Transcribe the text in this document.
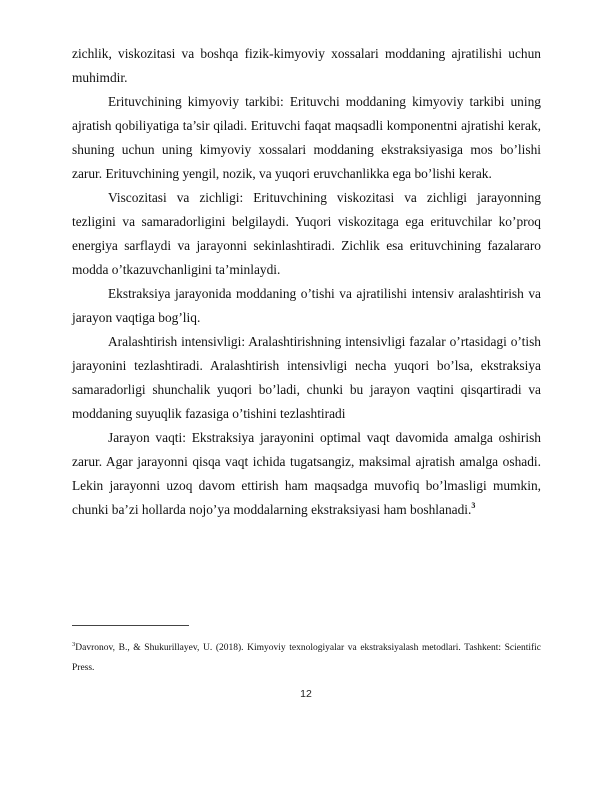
zichlik, viskozitasi va boshqa fizik-kimyoviy xossalari moddaning ajratilishi uchun muhimdir.

Erituvchining kimyoviy tarkibi: Erituvchi moddaning kimyoviy tarkibi uning ajratish qobiliyatiga ta’sir qiladi. Erituvchi faqat maqsadli komponentni ajratishi kerak, shuning uchun uning kimyoviy xossalari moddaning ekstraksiyasiga mos bo’lishi zarur. Erituvchining yengil, nozik, va yuqori eruvchanlikka ega bo’lishi kerak.

Viscozitasi va zichligi: Erituvchining viskozitasi va zichligi jarayonning tezligini va samaradorligini belgilaydi. Yuqori viskozitaga ega erituvchilar ko’proq energiya sarflaydi va jarayonni sekinlashtiradi. Zichlik esa erituvchining fazalararo modda o’tkazuvchanligini ta’minlaydi.

Ekstraksiya jarayonida moddaning o’tishi va ajratilishi intensiv aralashtirish va jarayon vaqtiga bog’liq.

Aralashtirish intensivligi: Aralashtirishning intensivligi fazalar o’rtasidagi o’tish jarayonini tezlashtiradi. Aralashtirish intensivligi necha yuqori bo’lsa, ekstraksiya samaradorligi shunchalik yuqori bo’ladi, chunki bu jarayon vaqtini qisqartiradi va moddaning suyuqlik fazasiga o’tishini tezlashtiradi

Jarayon vaqti: Ekstraksiya jarayonini optimal vaqt davomida amalga oshirish zarur. Agar jarayonni qisqa vaqt ichida tugatsangiz, maksimal ajratish amalga oshadi. Lekin jarayonni uzoq davom ettirish ham maqsadga muvofiq bo’lmasligi mumkin, chunki ba’zi hollarda nojo’ya moddalarning ekstraksiyasi ham boshlanadi.$^3$

$^3$Davronov, B., & Shukurillayev, U. (2018). Kimyoviy texnologiyalar va ekstraksiyalash metodlari. Tashkent: Scientific Press.
12
